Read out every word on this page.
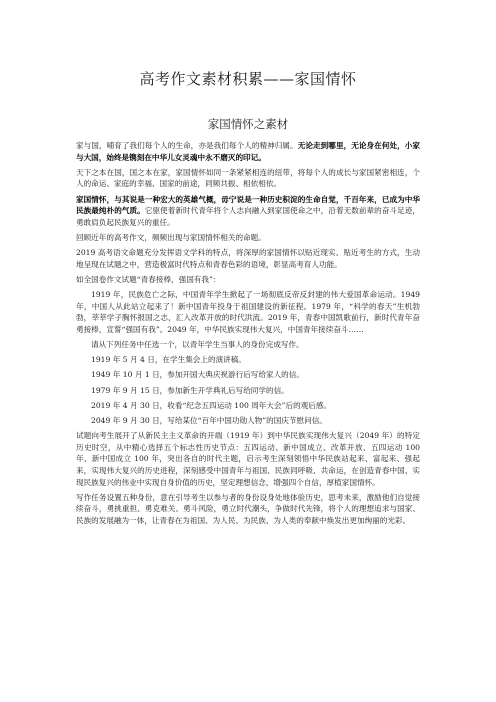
高考作文素材积累——家国情怀
家国情怀之素材

家与国，哺育了我们每个人的生命，亦是我们每个人的精神归属。无论走到哪里，无论身在何处，小家与大国，始终是镌刻在中华儿女灵魂中永不磨灭的印记。

天下之本在国，国之本在家，家国情怀如同一条紧紧相连的纽带，将每个人的成长与家国紧密相连，个人的命运、家庭的幸福、国家的前途，同频共振、相依相依。

家国情怀，与其说是一种宏大的英雄气概，毋宁说是一种历史积淀的生命自觉，千百年来，已成为中华民族最纯朴的气质。它驱使着新时代青年将个人志向融入到家国使命之中，沿着无数前辈的奋斗足迹，勇敢肩负起民族复兴的重任。

回顾近年的高考作文，频频出现与家国情怀相关的命题。

2019 高考语文命题充分发挥语文学科的特点，将深厚的家国情怀以贴近现实、贴近考生的方式，生动地呈现在试题之中，营造极富时代特点和青春色彩的语境，彰显高考育人功能。

如全国卷作文试题“青春接棒，强国有我”：

1919 年，民族危亡之际，中国青年学生掀起了一场彻底反帝反封建的伟大爱国革命运动。1949 年，中国人从此站立起来了！新中国青年投身于祖国建设的新征程。1979 年，“科学的春天”生机勃勃，莘莘学子胸怀报国之志，汇入改革开放的时代洪流。2019 年，青春中国凯歌前行，新时代青年奋勇接棒，宣誓“强国有我”。2049 年，中华民族实现伟大复兴，中国青年接续奋斗……

请从下列任务中任选一个，以青年学生当事人的身份完成写作。

1919 年 5 月 4 日，在学生集会上的演讲稿。

1949 年 10 月 1 日，参加开国大典庆祝游行后写给家人的信。

1979 年 9 月 15 日，参加新生开学典礼后写给同学的信。

2019 年 4 月 30 日，收看“纪念五四运动 100 周年大会”后的观后感。

2049 年 9 月 30 日，写给某位“百年中国功勋人物”的国庆节慰问信。

试题向考生展开了从新民主主义革命的开端（1919 年）到中华民族实现伟大复兴（2049 年）的特定历史时空，从中精心选择五个标志性历史节点：五四运动、新中国成立、改革开放、五四运动 100 年、新中国成立 100 年，突出各自的时代主题，启示考生深刻领悟中华民族站起来、富起来、强起来，实现伟大复兴的历史进程，深刻感受中国青年与祖国、民族同呼吸、共命运，在创造青春中国、实现民族复兴的伟业中实现自身价值的历史，坚定理想信念，增强四个自信，厚植家国情怀。

写作任务设置五种身份，意在引导考生以参与者的身份设身处地体验历史，思考未来，激励他们自觉接续奋斗，勇挑重担、勇克难关、勇斗风险，勇立时代潮头，争做时代先锋，将个人的理想追求与国家、民族的发展融为一体，让青春在为祖国、为人民、为民族、为人类的奉献中焕发出更加绚丽的光彩。
